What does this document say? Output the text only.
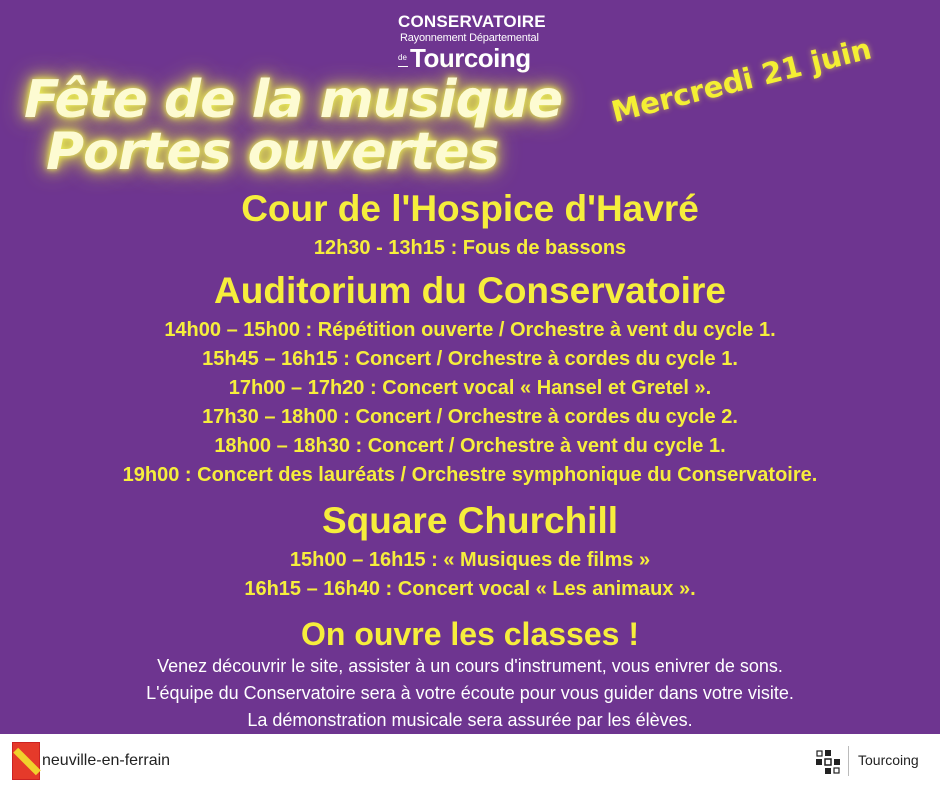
CONSERVATOIRE
Rayonnement Départemental
de Tourcoing
Fête de la musique
Portes ouvertes
Mercredi 21 juin
Cour de l'Hospice d'Havré
12h30 - 13h15 : Fous de bassons
Auditorium du Conservatoire
14h00 – 15h00 : Répétition ouverte / Orchestre à vent du cycle 1.
15h45 – 16h15 : Concert / Orchestre à cordes du cycle 1.
17h00 – 17h20 : Concert vocal « Hansel et Gretel ».
17h30 – 18h00 : Concert / Orchestre à cordes du cycle 2.
18h00 – 18h30 : Concert / Orchestre à vent du cycle 1.
19h00 : Concert des lauréats / Orchestre symphonique du Conservatoire.
Square Churchill
15h00 – 16h15 : « Musiques de films »
16h15 – 16h40 : Concert vocal « Les animaux ».
On ouvre les classes !
Venez découvrir le site, assister à un cours d'instrument, vous enivrer de sons.
L'équipe du Conservatoire sera à votre écoute pour vous guider dans votre visite.
La démonstration musicale sera assurée par les élèves.
neuville-en-ferrain	Tourcoing
